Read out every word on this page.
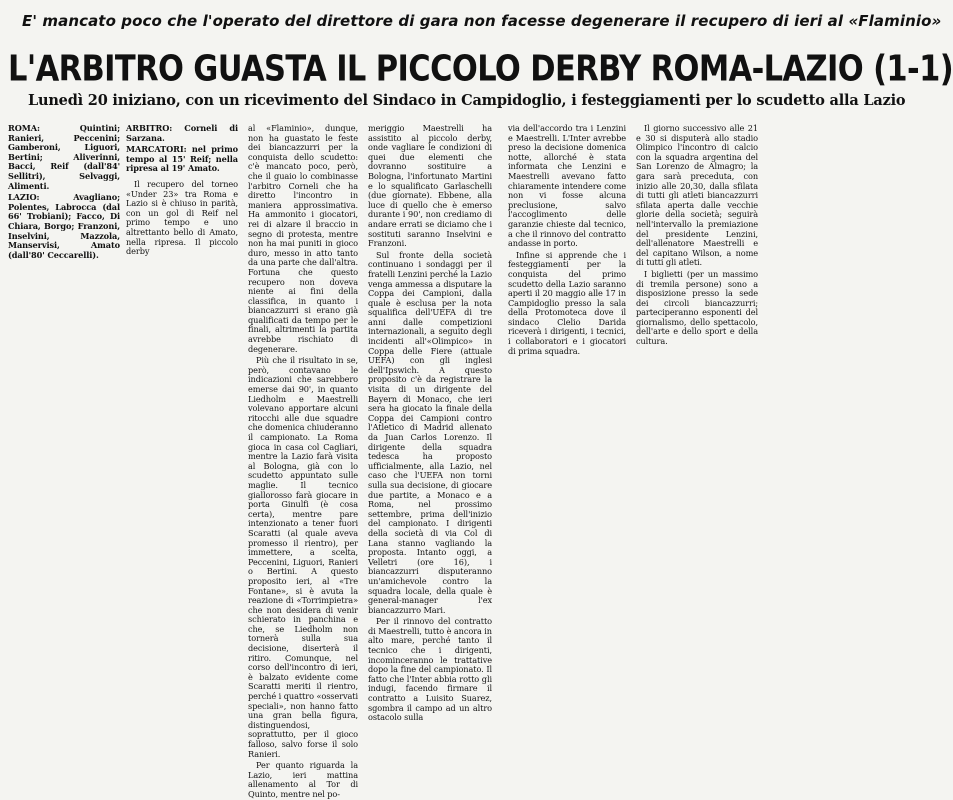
E' mancato poco che l'operato del direttore di gara non facesse degenerare il recupero di ieri al «Flaminio»
L'ARBITRO GUASTA IL PICCOLO DERBY ROMA-LAZIO (1-1)
Lunedì 20 iniziano, con un ricevimento del Sindaco in Campidoglio, i festeggiamenti per lo scudetto alla Lazio

ROMA:	Quintini; Ranieri, Peccenini; Gamberoni, Liguori, Bertini; Aliverinni, Bacci, Reif (dall'84' Sellitri), Selvaggi, Alimenti.

LAZIO:	Avagliano; Polentes, Labrocca (dal 66' Trobiani); Facco, Di Chiara, Borgo; Franzoni, Inselvini, Mazzola, Manservisi, Amato (dall'80' Ceccarelli).

ARBITRO: Corneli di Sarzana.

MARCATORI: nel primo tempo al 15' Reif; nella ripresa al 19' Amato.

Il recupero del torneo «Under 23» tra Roma e Lazio si è chiuso in parità, con un gol di Reif nel primo tempo e uno altrettanto bello di Amato, nella ripresa. Il piccolo derby

al «Flaminio», dunque, non ha guastato le feste dei biancazzurri per la conquista dello scudetto: c'è mancato poco, però, che il guaio lo combinasse l'arbitro Corneli che ha diretto l'incontro in maniera approssimativa. Ha ammonito i giocatori, rei di alzare il braccio in segno di protesta, mentre non ha mai puniti in gioco duro, messo in atto tanto da una parte che dall'altra. Fortuna che questo recupero non doveva niente ai fini della classifica, in quanto i biancazzurri si erano già qualificati da tempo per le finali, altrimenti la partita avrebbe rischiato di degenerare.

Più che il risultato in se, però, contavano le indicazioni che sarebbero emerse dai 90', in quanto Liedholm e Maestrelli volevano apportare alcuni ritocchi alle due squadre che domenica chiuderanno il campionato. La Roma gioca in casa col Cagliari, mentre la Lazio farà visita al Bologna, già con lo scudetto appuntato sulle maglie. Il tecnico giallorosso farà giocare in porta Ginulfi (è cosa certa), mentre pare intenzionato a tener fuori Scaratti (al quale aveva promesso il rientro), per immettere, a scelta, Peccenini, Liguori, Ranieri o Bertini. A questo proposito ieri, al «Tre Fontane», si è avuta la reazione di «Torrimpietra» che non desidera di venir schierato in panchina e che, se Liedholm non tornerà sulla sua decisione, diserterà il ritiro. Comunque, nel corso dell'incontro di ieri, è balzato evidente come Scaratti meriti il rientro, perché i quattro «osservati speciali», non hanno fatto una gran bella figura, distinguendosi, soprattutto, per il gioco falloso, salvo forse il solo Ranieri.

Per quanto riguarda la Lazio, ieri mattina allenamento al Tor di Quinto, mentre nel po-

meriggio Maestrelli ha assistito al piccolo derby, onde vagliare le condizioni di quei due elementi che dovranno sostituire a Bologna, l'infortunato Martini e lo squalificato Garlaschelli (due giornate). Ebbene, alla luce di quello che è emerso durante i 90', non crediamo di andare errati se diciamo che i sostituti saranno Inselvini e Franzoni.

Sul fronte della società continuano i sondaggi per il fratelli Lenzini perché la Lazio venga ammessa a disputare la Coppa dei Campioni, dalla quale è esclusa per la nota squalifica dell'UEFA di tre anni dalle competizioni internazionali, a seguito degli incidenti all'«Olimpico» in Coppa delle Fiere (attuale UEFA) con gli inglesi dell'Ipswich. A questo proposito c'è da registrare la visita di un dirigente del Bayern di Monaco, che ieri sera ha giocato la finale della Coppa dei Campioni contro l'Atletico di Madrid allenato da Juan Carlos Lorenzo. Il dirigente della squadra tedesca ha proposto ufficialmente, alla Lazio, nel caso che l'UEFA non torni sulla sua decisione, di giocare due partite, a Monaco e a Roma, nel prossimo settembre, prima dell'inizio del campionato. I dirigenti della società di via Col di Lana stanno vagliando la proposta. Intanto oggi, a Velletri (ore 16), i biancazzurri disputeranno un'amichevole contro la squadra locale, della quale è general-manager l'ex biancazzurro Mari.

Per il rinnovo del contratto di Maestrelli, tutto è ancora in alto mare, perché tanto il tecnico che i dirigenti, incominceranno le trattative dopo la fine del campionato. Il fatto che l'Inter abbia rotto gli indugi, facendo firmare il contratto a Luisito Suarez, sgombra il campo ad un altro ostacolo sulla

via dell'accordo tra i Lenzini e Maestrelli. L'Inter avrebbe preso la decisione domenica notte, allorché è stata informata che Lenzini e Maestrelli avevano fatto chiaramente intendere come non vi fosse alcuna preclusione, salvo l'accoglimento delle garanzie chieste dal tecnico, a che il rinnovo del contratto andasse in porto.

Infine si apprende che i festeggiamenti per la conquista del primo scudetto della Lazio saranno aperti il 20 maggio alle 17 in Campidoglio presso la sala della Protomoteca dove il sindaco Clelio Darida riceverà i dirigenti, i tecnici, i collaboratori e i giocatori di prima squadra.

Il giorno successivo alle 21 e 30 si disputerà allo stadio Olimpico l'incontro di calcio con la squadra argentina del San Lorenzo de Almagro; la gara sarà preceduta, con inizio alle 20,30, dalla sfilata di tutti gli atleti biancazzurri sfilata aperta dalle vecchie glorie della società; seguirà nell'intervallo la premiazione del presidente Lenzini, dell'allenatore Maestrelli e del capitano Wilson, a nome di tutti gli atleti.

I biglietti (per un massimo di tremila persone) sono a disposizione presso la sede dei circoli biancazzurri; parteciperanno esponenti del giornalismo, dello spettacolo, dell'arte e dello sport e della cultura.
